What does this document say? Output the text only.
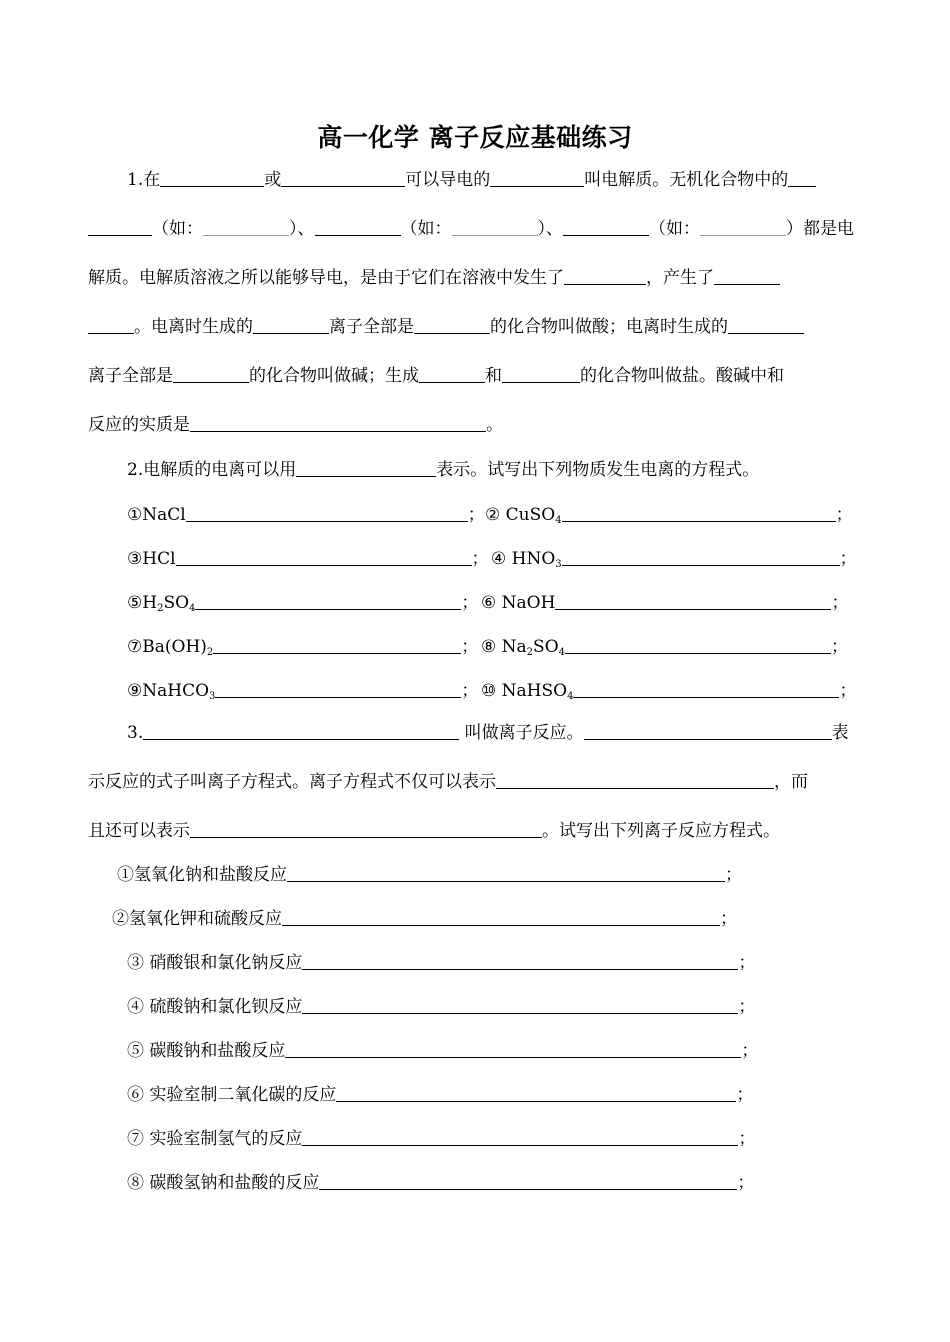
高一化学 离子反应基础练习
1.在	或	可以导电的	叫电解质。无机化合物中的
（如：	）、	（如：	）、	（如：	）都是电
解质。电解质溶液之所以能够导电，是由于它们在溶液中发生了	，产生了
。电离时生成的	离子全部是	的化合物叫做酸；电离时生成的
离子全部是	的化合物叫做碱；生成	和	的化合物叫做盐。酸碱中和
反应的实质是	。
2.电解质的电离可以用	表示。试写出下列物质发生电离的方程式。
①NaCl	；② CuSO$_4$	；
③HCl	； ④ $HNO_3$	；
$⑤H_2SO_4$	； ⑥ NaOH	；
$⑦Ba(OH)_2$	； ⑧ $Na_2SO_4$	；
⑨NaHCO$_3$	； ⑩ NaHSO$_4$	；
3.	叫做离子反应。	表
示反应的式子叫离子方程式。离子方程式不仅可以表示	，而
且还可以表示	。试写出下列离子反应方程式。
①氢氧化钠和盐酸反应	；
②氢氧化钾和硫酸反应	；
③ 硝酸银和氯化钠反应	；
④ 硫酸钠和氯化钡反应	；
⑤ 碳酸钠和盐酸反应	；
⑥ 实验室制二氧化碳的反应	；
⑦ 实验室制氢气的反应	；
⑧ 碳酸氢钠和盐酸的反应	；
